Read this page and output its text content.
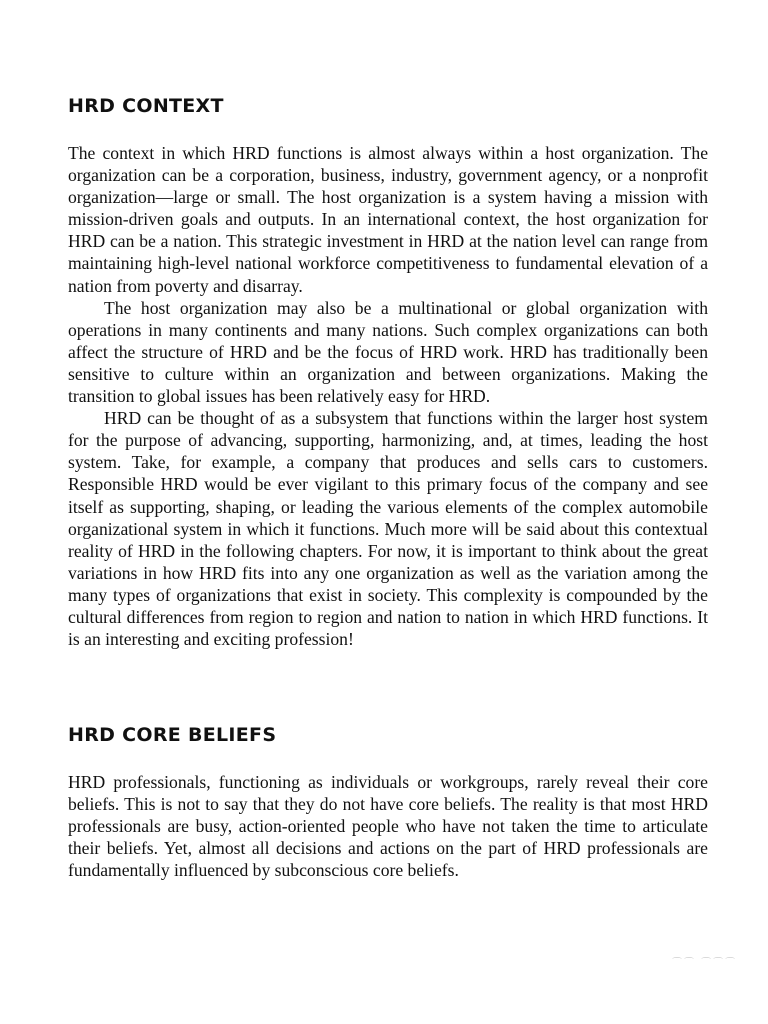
HRD CONTEXT

The context in which HRD functions is almost always within a host organization. The organization can be a corporation, business, industry, government agency, or a nonprofit organization—large or small. The host organization is a system having a mission with mission-driven goals and outputs. In an international context, the host organization for HRD can be a nation. This strategic investment in HRD at the nation level can range from maintaining high-level national workforce competitiveness to fundamental elevation of a nation from poverty and disarray.

The host organization may also be a multinational or global organization with operations in many continents and many nations. Such complex organizations can both affect the structure of HRD and be the focus of HRD work. HRD has traditionally been sensitive to culture within an organization and between organizations. Making the transition to global issues has been relatively easy for HRD.

HRD can be thought of as a subsystem that functions within the larger host system for the purpose of advancing, supporting, harmonizing, and, at times, leading the host system. Take, for example, a company that produces and sells cars to customers. Responsible HRD would be ever vigilant to this primary focus of the company and see itself as supporting, shaping, or leading the various elements of the complex automobile organizational system in which it functions. Much more will be said about this contextual reality of HRD in the following chapters. For now, it is important to think about the great variations in how HRD fits into any one organization as well as the variation among the many types of organizations that exist in society. This complexity is compounded by the cultural differences from region to region and nation to nation in which HRD functions. It is an interesting and exciting profession!

HRD CORE BELIEFS

HRD professionals, functioning as individuals or workgroups, rarely reveal their core beliefs. This is not to say that they do not have core beliefs. The reality is that most HRD professionals are busy, action-oriented people who have not taken the time to articulate their beliefs. Yet, almost all decisions and actions on the part of HRD professionals are fundamentally influenced by subconscious core beliefs.

⌒⌒ ⌒⌒⌒
